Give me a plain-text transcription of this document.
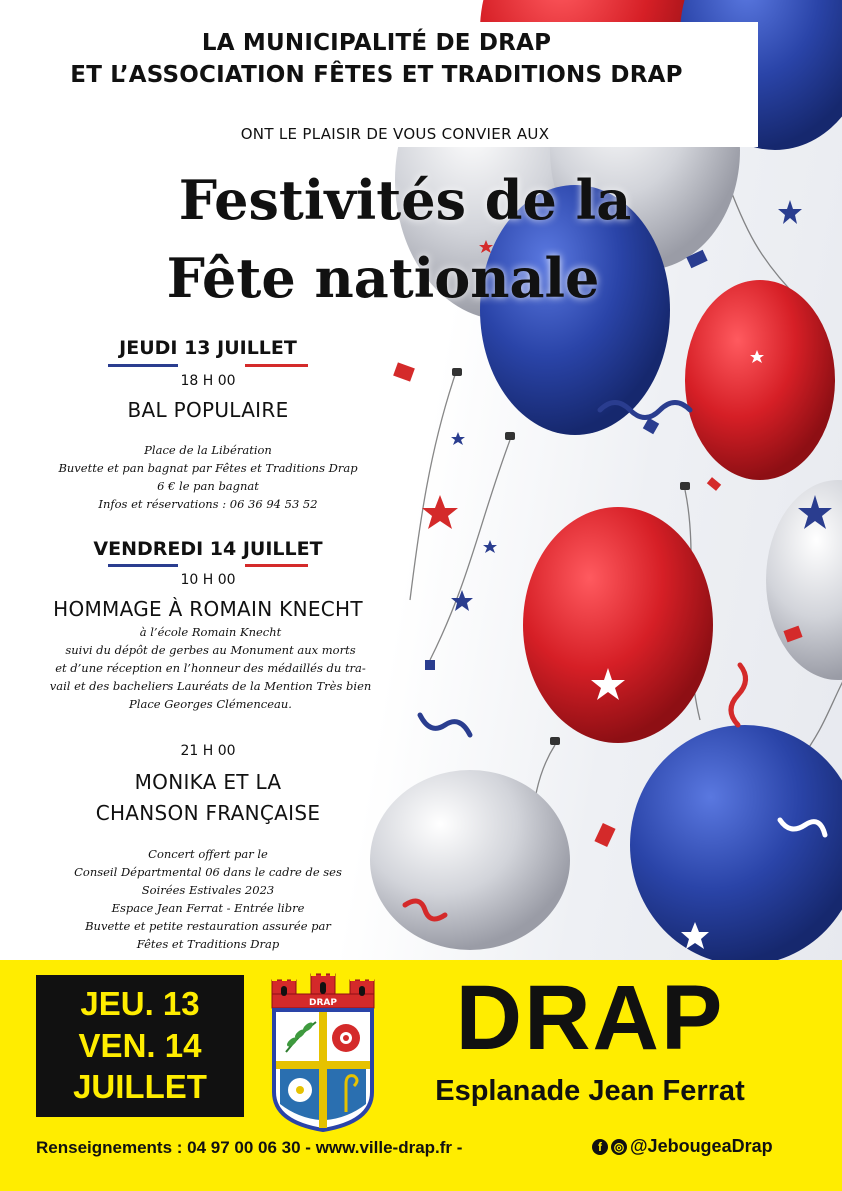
LA MUNICIPALITÉ DE DRAP
ET L’ASSOCIATION FÊTES ET TRADITIONS DRAP
ONT LE PLAISIR DE VOUS CONVIER AUX
Festivités de la
Fête nationale
JEUDI 13 JUILLET
18 H 00
BAL POPULAIRE
Place de la Libération
Buvette et pan bagnat par Fêtes et Traditions Drap
6 € le pan bagnat
Infos et réservations : 06 36 94 53 52
VENDREDI 14 JUILLET
10 H 00
HOMMAGE À ROMAIN KNECHT
à l’école Romain Knecht
suivi du dépôt de gerbes au Monument aux morts
et d’une réception en l’honneur des médaillés du tra-
vail et des bacheliers Lauréats de la Mention Très bien
Place Georges Clémenceau.
21 H 00
MONIKA ET LA
CHANSON FRANÇAISE
Concert offert par le
Conseil Départmental 06 dans le cadre de ses
Soirées Estivales 2023
Espace Jean Ferrat - Entrée libre
Buvette et petite restauration assurée par
Fêtes et Traditions Drap
JEU. 13
VEN. 14
JUILLET
DRAP	DRAP
Esplanade Jean Ferrat
Renseignements : 04 97 00 06 30 - www.ville-drap.fr -	f ◎ @JebougeaDrap
